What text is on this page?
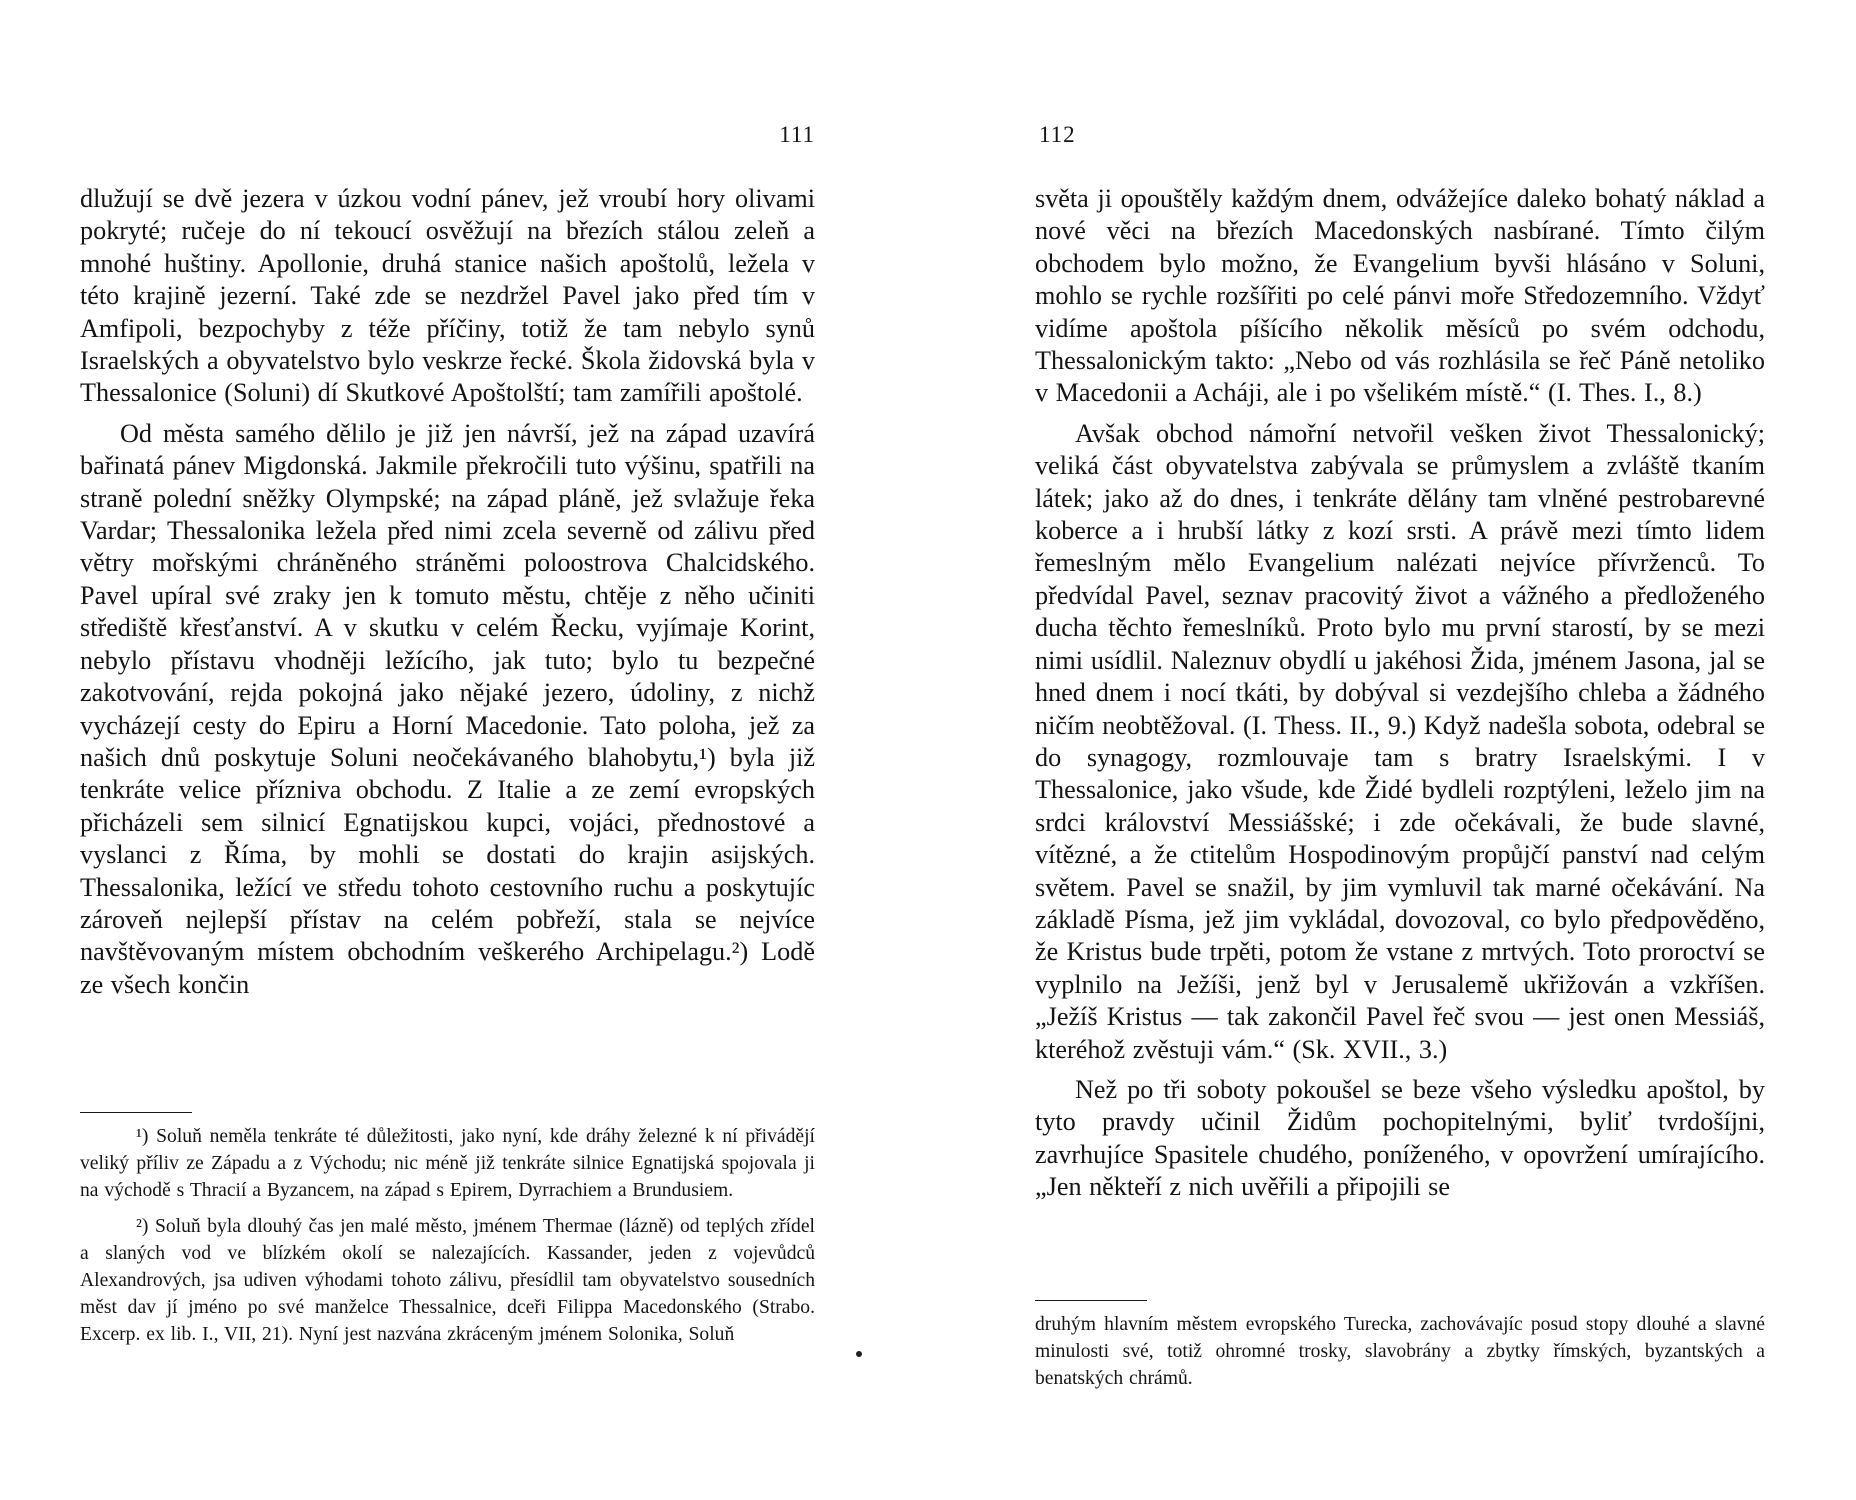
111

dlužují se dvě jezera v úzkou vodní pánev, jež vroubí hory olivami pokryté; ručeje do ní tekoucí osvěžují na březích stálou zeleň a mnohé huštiny. Apollonie, druhá stanice našich apoštolů, ležela v této krajině jezerní. Také zde se nezdržel Pavel jako před tím v Amfipoli, bezpochyby z téže příčiny, totiž že tam nebylo synů Israelských a obyvatelstvo bylo veskrze řecké. Škola židovská byla v Thessalonice (Soluni) dí Skutkové Apoštolští; tam zamířili apoštolé.

Od města samého dělilo je již jen návrší, jež na západ uzavírá bařinatá pánev Migdonská. Jakmile překročili tuto výšinu, spatřili na straně polední sněžky Olympské; na západ pláně, jež svlažuje řeka Vardar; Thessalonika ležela před nimi zcela severně od zálivu před větry mořskými chráněného stráněmi poloostrova Chalcidského. Pavel upíral své zraky jen k tomuto městu, chtěje z něho učiniti střediště křesťanství. A v skutku v celém Řecku, vyjímaje Korint, nebylo přístavu vhodněji ležícího, jak tuto; bylo tu bezpečné zakotvování, rejda pokojná jako nějaké jezero, údoliny, z nichž vycházejí cesty do Epiru a Horní Macedonie. Tato poloha, jež za našich dnů poskytuje Soluni neočekávaného blahobytu,¹) byla již tenkráte velice přízniva obchodu. Z Italie a ze zemí evropských přicházeli sem silnicí Egnatijskou kupci, vojáci, přednostové a vyslanci z Říma, by mohli se dostati do krajin asijských. Thessalonika, ležící ve středu tohoto cestovního ruchu a poskytujíc zároveň nejlepší přístav na celém pobřeží, stala se nejvíce navštěvovaným místem obchodním veškerého Archipelagu.²) Lodě ze všech končin

¹) Soluň neměla tenkráte té důležitosti, jako nyní, kde dráhy železné k ní přivádějí veliký příliv ze Západu a z Východu; nic méně již tenkráte silnice Egnatijská spojovala ji na východě s Thracií a Byzancem, na západ s Epirem, Dyrrachiem a Brundusiem.

²) Soluň byla dlouhý čas jen malé město, jménem Thermae (lázně) od teplých zřídel a slaných vod ve blízkém okolí se nalezajících. Kassander, jeden z vojevůdců Alexandrových, jsa udiven výhodami tohoto zálivu, přesídlil tam obyvatelstvo sousedních měst dav jí jméno po své manželce Thessalnice, dceři Filippa Macedonského (Strabo. Excerp. ex lib. I., VII, 21). Nyní jest nazvána zkráceným jménem Solonika, Soluň

112

světa ji opouštěly každým dnem, odvážejíce daleko bohatý náklad a nové věci na březích Macedonských nasbírané. Tímto čilým obchodem bylo možno, že Evangelium byvši hlásáno v Soluni, mohlo se rychle rozšířiti po celé pánvi moře Středozemního. Vždyť vidíme apoštola píšícího několik měsíců po svém odchodu, Thessalonickým takto: „Nebo od vás rozhlásila se řeč Páně netoliko v Macedonii a Acháji, ale i po všelikém místě.“ (I. Thes. I., 8.)

Avšak obchod námořní netvořil vešken život Thessalonický; veliká část obyvatelstva zabývala se průmyslem a zvláště tkaním látek; jako až do dnes, i tenkráte dělány tam vlněné pestrobarevné koberce a i hrubší látky z kozí srsti. A právě mezi tímto lidem řemeslným mělo Evangelium nalézati nejvíce přívrženců. To předvídal Pavel, seznav pracovitý život a vážného a předloženého ducha těchto řemeslníků. Proto bylo mu první starostí, by se mezi nimi usídlil. Naleznuv obydlí u jakéhosi Žida, jménem Jasona, jal se hned dnem i nocí tkáti, by dobýval si vezdejšího chleba a žádného ničím neobtěžoval. (I. Thess. II., 9.) Když nadešla sobota, odebral se do synagogy, rozmlouvaje tam s bratry Israelskými. I v Thessalonice, jako všude, kde Židé bydleli rozptýleni, leželo jim na srdci království Messiášské; i zde očekávali, že bude slavné, vítězné, a že ctitelům Hospodinovým propůjčí panství nad celým světem. Pavel se snažil, by jim vymluvil tak marné očekávání. Na základě Písma, jež jim vykládal, dovozoval, co bylo předpověděno, že Kristus bude trpěti, potom že vstane z mrtvých. Toto proroctví se vyplnilo na Ježíši, jenž byl v Jerusalemě ukřižován a vzkříšen. „Ježíš Kristus — tak zakončil Pavel řeč svou — jest onen Messiáš, kteréhož zvěstuji vám.“ (Sk. XVII., 3.)

Než po tři soboty pokoušel se beze všeho výsledku apoštol, by tyto pravdy učinil Židům pochopitelnými, byliť tvrdošíjni, zavrhujíce Spasitele chudého, poníženého, v opovržení umírajícího. „Jen někteří z nich uvěřili a připojili se

druhým hlavním městem evropského Turecka, zachovávajíc posud stopy dlouhé a slavné minulosti své, totiž ohromné trosky, slavobrány a zbytky římských, byzantských a benatských chrámů.
